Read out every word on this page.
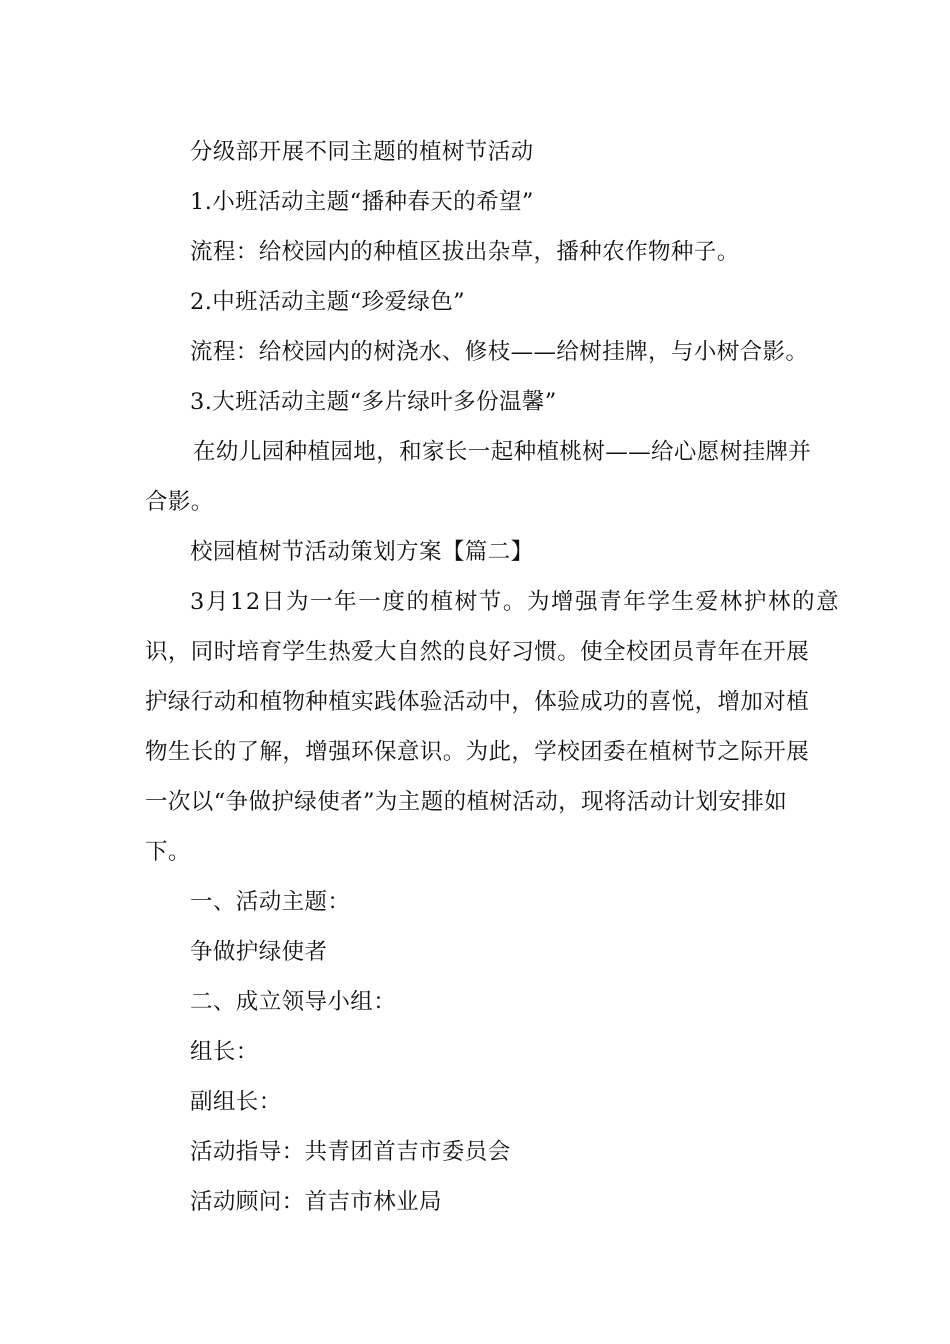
分级部开展不同主题的植树节活动
1.小班活动主题“播种春天的希望”
流程：给校园内的种植区拔出杂草，播种农作物种子。
2.中班活动主题“珍爱绿色”
流程：给校园内的树浇水、修枝——给树挂牌，与小树合影。
3.大班活动主题“多片绿叶多份温馨”
在幼儿园种植园地，和家长一起种植桃树——给心愿树挂牌并
合影。
校园植树节活动策划方案【篇二】
3月12日为一年一度的植树节。为增强青年学生爱林护林的意
识，同时培育学生热爱大自然的良好习惯。使全校团员青年在开展
护绿行动和植物种植实践体验活动中，体验成功的喜悦，增加对植
物生长的了解，增强环保意识。为此，学校团委在植树节之际开展
一次以“争做护绿使者”为主题的植树活动，现将活动计划安排如
下。
一、活动主题：
争做护绿使者
二、成立领导小组：
组长：
副组长：
活动指导：共青团首吉市委员会
活动顾问：首吉市林业局
